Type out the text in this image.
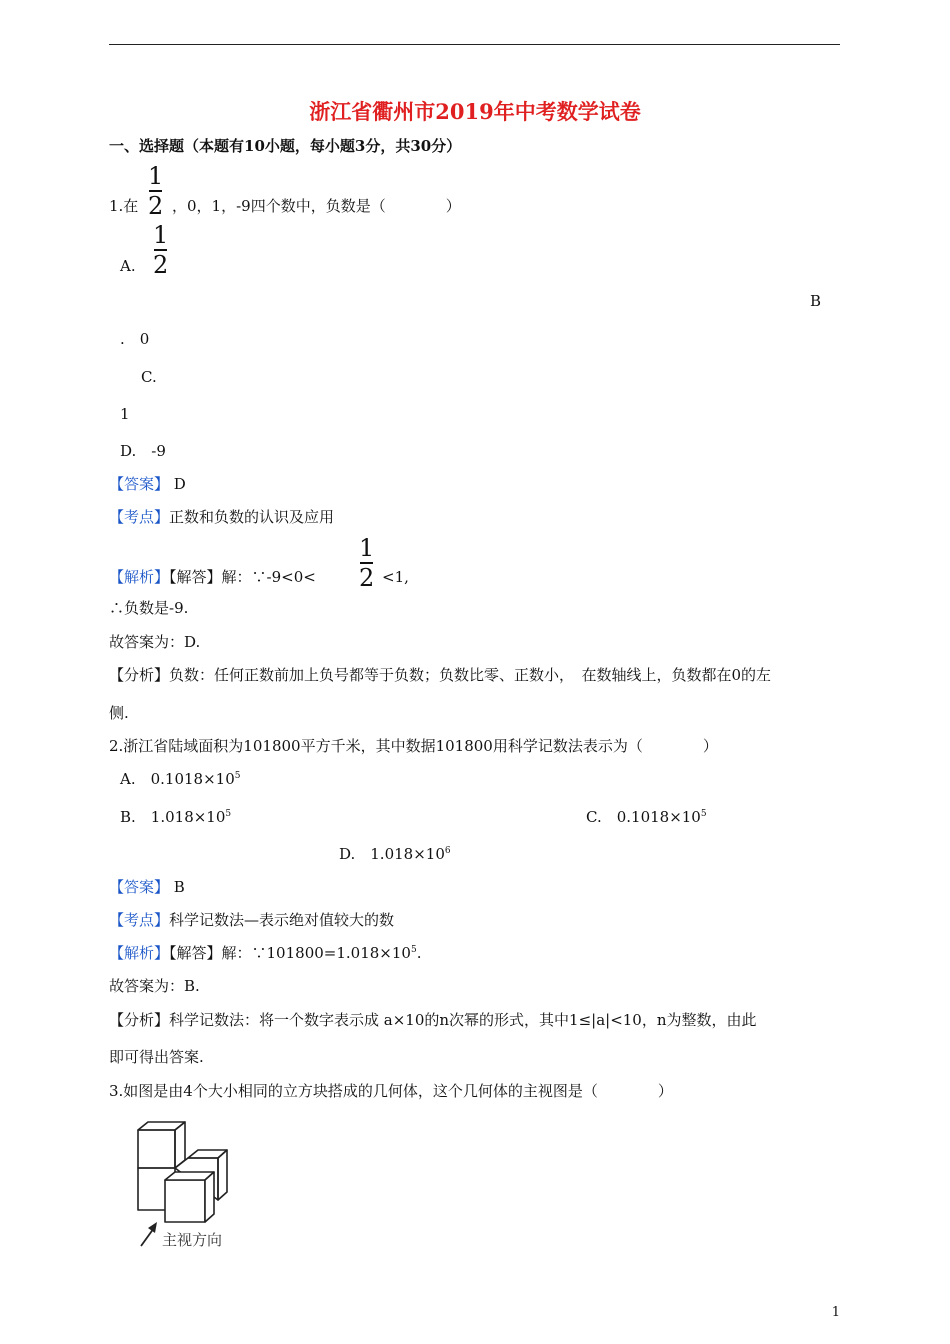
浙江省衢州市2019年中考数学试卷
一、选择题（本题有10小题，每小题3分，共30分）
1.在
1
2 ，0，1，-9四个数中，负数是（　　　　）
A.
1
2
B
.　0
C.
1
D.　-9
【答案】 D
【考点】正数和负数的认识及应用
【解析】【解答】解：∵-9<0<
1
2 <1,
∴负数是-9.
故答案为：D.
【分析】负数：任何正数前加上负号都等于负数；负数比零、正数小，　在数轴线上，负数都在0的左
侧.
2.浙江省陆域面积为101800平方千米，其中数据101800用科学记数法表示为（　　　　）
A.　$0.1018\times 10^5$
B.　$1.018\times 10^5$	C.　$0.1018\times 10^5$
D.　$1.018\times 10^6$
【答案】 B
【考点】科学记数法—表示绝对值较大的数
【解析】【解答】解：$\because 101800=1.018\times 10^5$.
故答案为：B.
【分析】科学记数法：将一个数字表示成 a×10的n次幂的形式，其中1≤|a|<10，n为整数，由此
即可得出答案.
3.如图是由4个大小相同的立方块搭成的几何体，这个几何体的主视图是（　　　　）
主视方向
1
